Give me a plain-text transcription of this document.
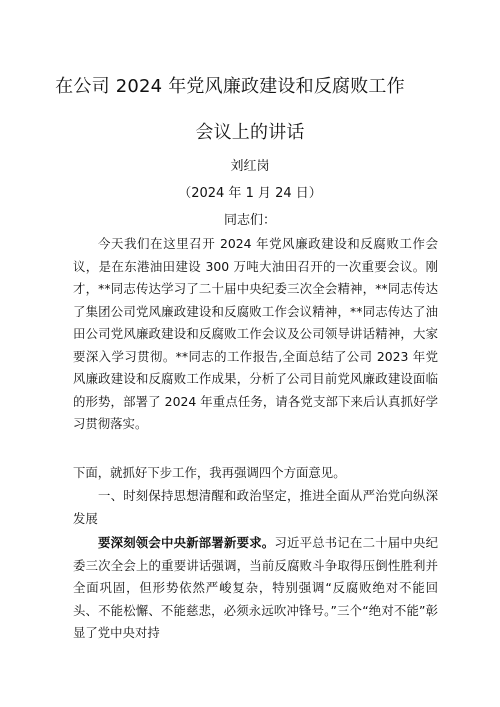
在公司 2024 年党风廉政建设和反腐败工作
会议上的讲话
刘红岗
（2024 年 1 月 24 日）
同志们：
今天我们在这里召开 2024 年党风廉政建设和反腐败工作会议，是在东港油田建设 300 万吨大油田召开的一次重要会议。刚才，**同志传达学习了二十届中央纪委三次全会精神，**同志传达了集团公司党风廉政建设和反腐败工作会议精神，**同志传达了油田公司党风廉政建设和反腐败工作会议及公司领导讲话精神，大家要深入学习贯彻。**同志的工作报告,全面总结了公司 2023 年党风廉政建设和反腐败工作成果，分析了公司目前党风廉政建设面临的形势，部署了 2024 年重点任务，请各党支部下来后认真抓好学习贯彻落实。
下面，就抓好下步工作，我再强调四个方面意见。
一、时刻保持思想清醒和政治坚定，推进全面从严治党向纵深发展
要深刻领会中央新部署新要求。习近平总书记在二十届中央纪委三次全会上的重要讲话强调，当前反腐败斗争取得压倒性胜利并全面巩固，但形势依然严峻复杂，特别强调“反腐败绝对不能回头、不能松懈、不能慈悲，必须永远吹冲锋号。”三个“绝对不能”彰显了党中央对持
